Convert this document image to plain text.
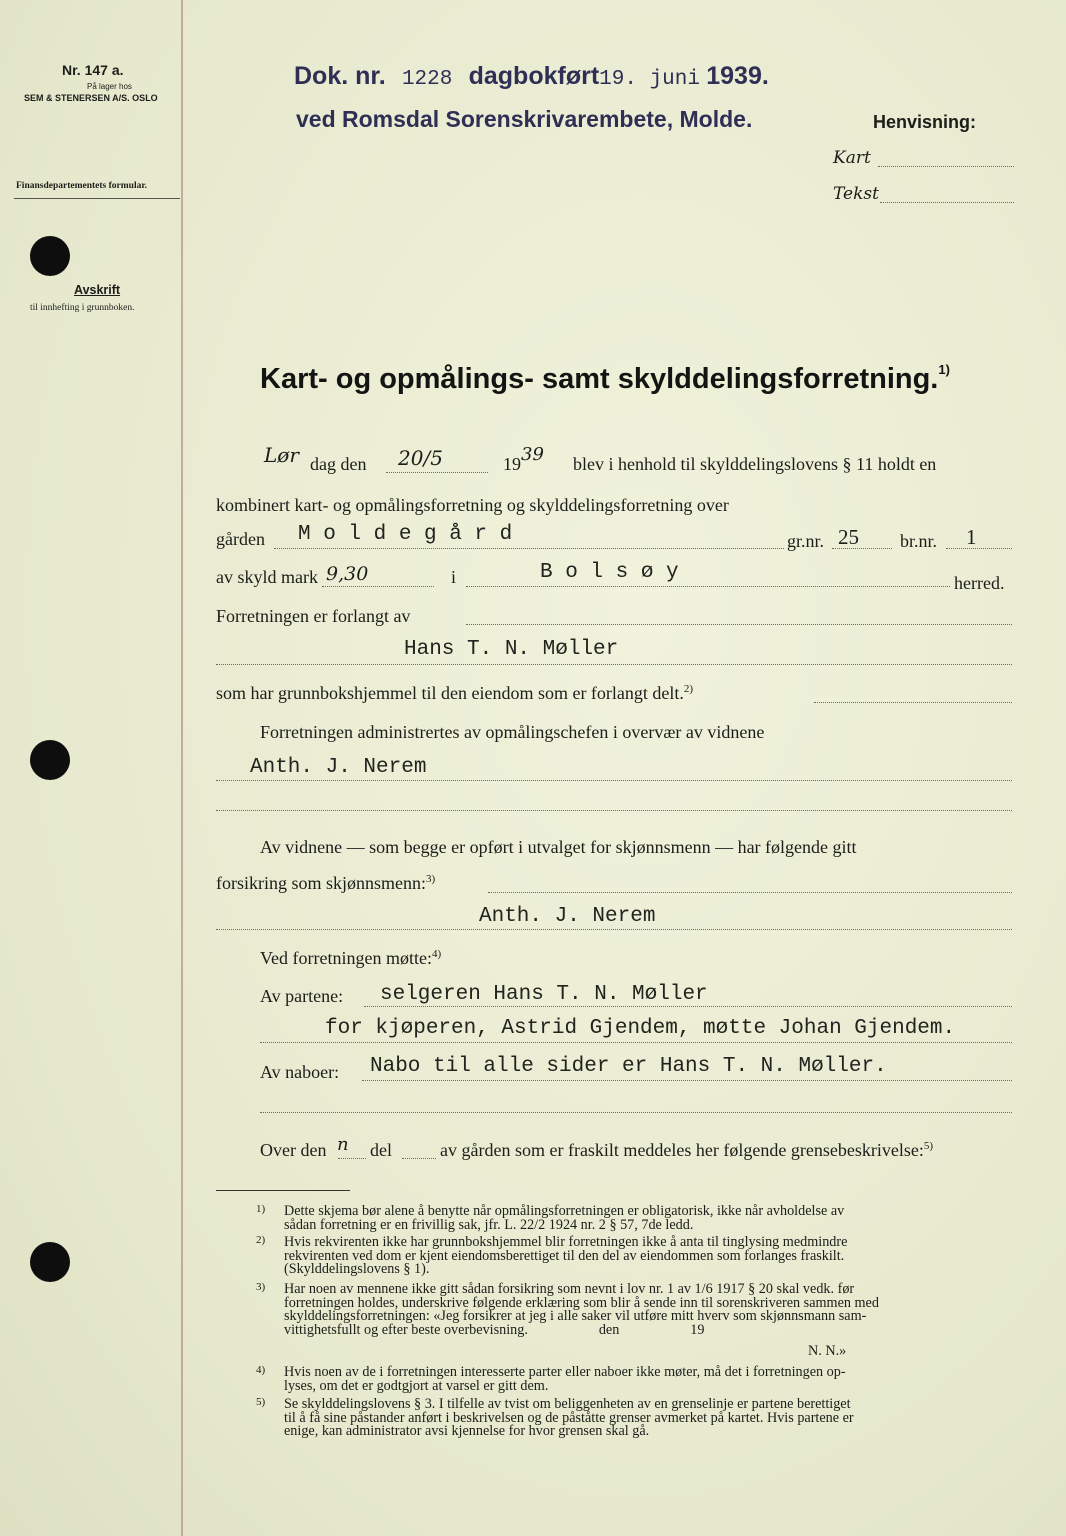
Nr. 147 a.
På lager hos
SEM & STENERSEN A/S. OSLO
Finansdepartementets formular.
Avskrift
til innhefting i grunnboken.
Dok. nr. 1228 dagbokført19. juni 1939.
ved Romsdal Sorenskrivarembete, Molde.	Henvisning:
Kart
Tekst
Kart- og opmålings- samt skylddelingsforretning.$^{1)}$
Lør dag den 20/5	19 39 blev i henhold til skylddelingslovens § 11 holdt en
kombinert kart- og opmålingsforretning og skylddelingsforretning over
gården M o l d e g å r d	gr.nr. 25 br.nr. 1
av skyld mark 9,30	i	B o l s ø y	herred.
Forretningen er forlangt av
Hans T. N. Møller
som har grunnbokshjemmel til den eiendom som er forlangt delt.$^{2)}$
Forretningen administrertes av opmålingschefen i overvær av vidnene
Anth. J. Nerem
Av vidnene — som begge er opført i utvalget for skjønnsmenn — har følgende gitt
forsikring som skjønnsmenn:$^{3)}$
Anth. J. Nerem
Ved forretningen møtte:$^{4)}$
Av partene: selgeren Hans T. N. Møller
for kjøperen, Astrid Gjendem, møtte Johan Gjendem.
Av naboer: Nabo til alle sider er Hans T. N. Møller.
Over den n del	av gården som er fraskilt meddeles her følgende grensebeskrivelse:$^{5)}$
1) Dette skjema bør alene å benytte når opmålingsforretningen er obligatorisk, ikke når avholdelse av
sådan forretning er en frivillig sak, jfr. L. 22/2 1924 nr. 2 § 57, 7de ledd.
2) Hvis rekvirenten ikke har grunnbokshjemmel blir forretningen ikke å anta til tinglysing medmindre
rekvirenten ved dom er kjent eiendomsberettiget til den del av eiendommen som forlanges fraskilt.
(Skylddelingslovens § 1).
3) Har noen av mennene ikke gitt sådan forsikring som nevnt i lov nr. 1 av 1/6 1917 § 20 skal vedk. før
forretningen holdes, underskrive følgende erklæring som blir å sende inn til sorenskriveren sammen med
skylddelingsforretningen: «Jeg forsikrer at jeg i alle saker vil utføre mitt hverv som skjønnsmann sam-
vittighetsfullt og efter beste overbevisning.                    den                    19
N. N.»
4) Hvis noen av de i forretningen interesserte parter eller naboer ikke møter, må det i forretningen op-
lyses, om det er godtgjort at varsel er gitt dem.
5) Se skylddelingslovens § 3. I tilfelle av tvist om beliggenheten av en grenselinje er partene berettiget
til å få sine påstander anført i beskrivelsen og de påståtte grenser avmerket på kartet. Hvis partene er
enige, kan administrator avsi kjennelse for hvor grensen skal gå.
